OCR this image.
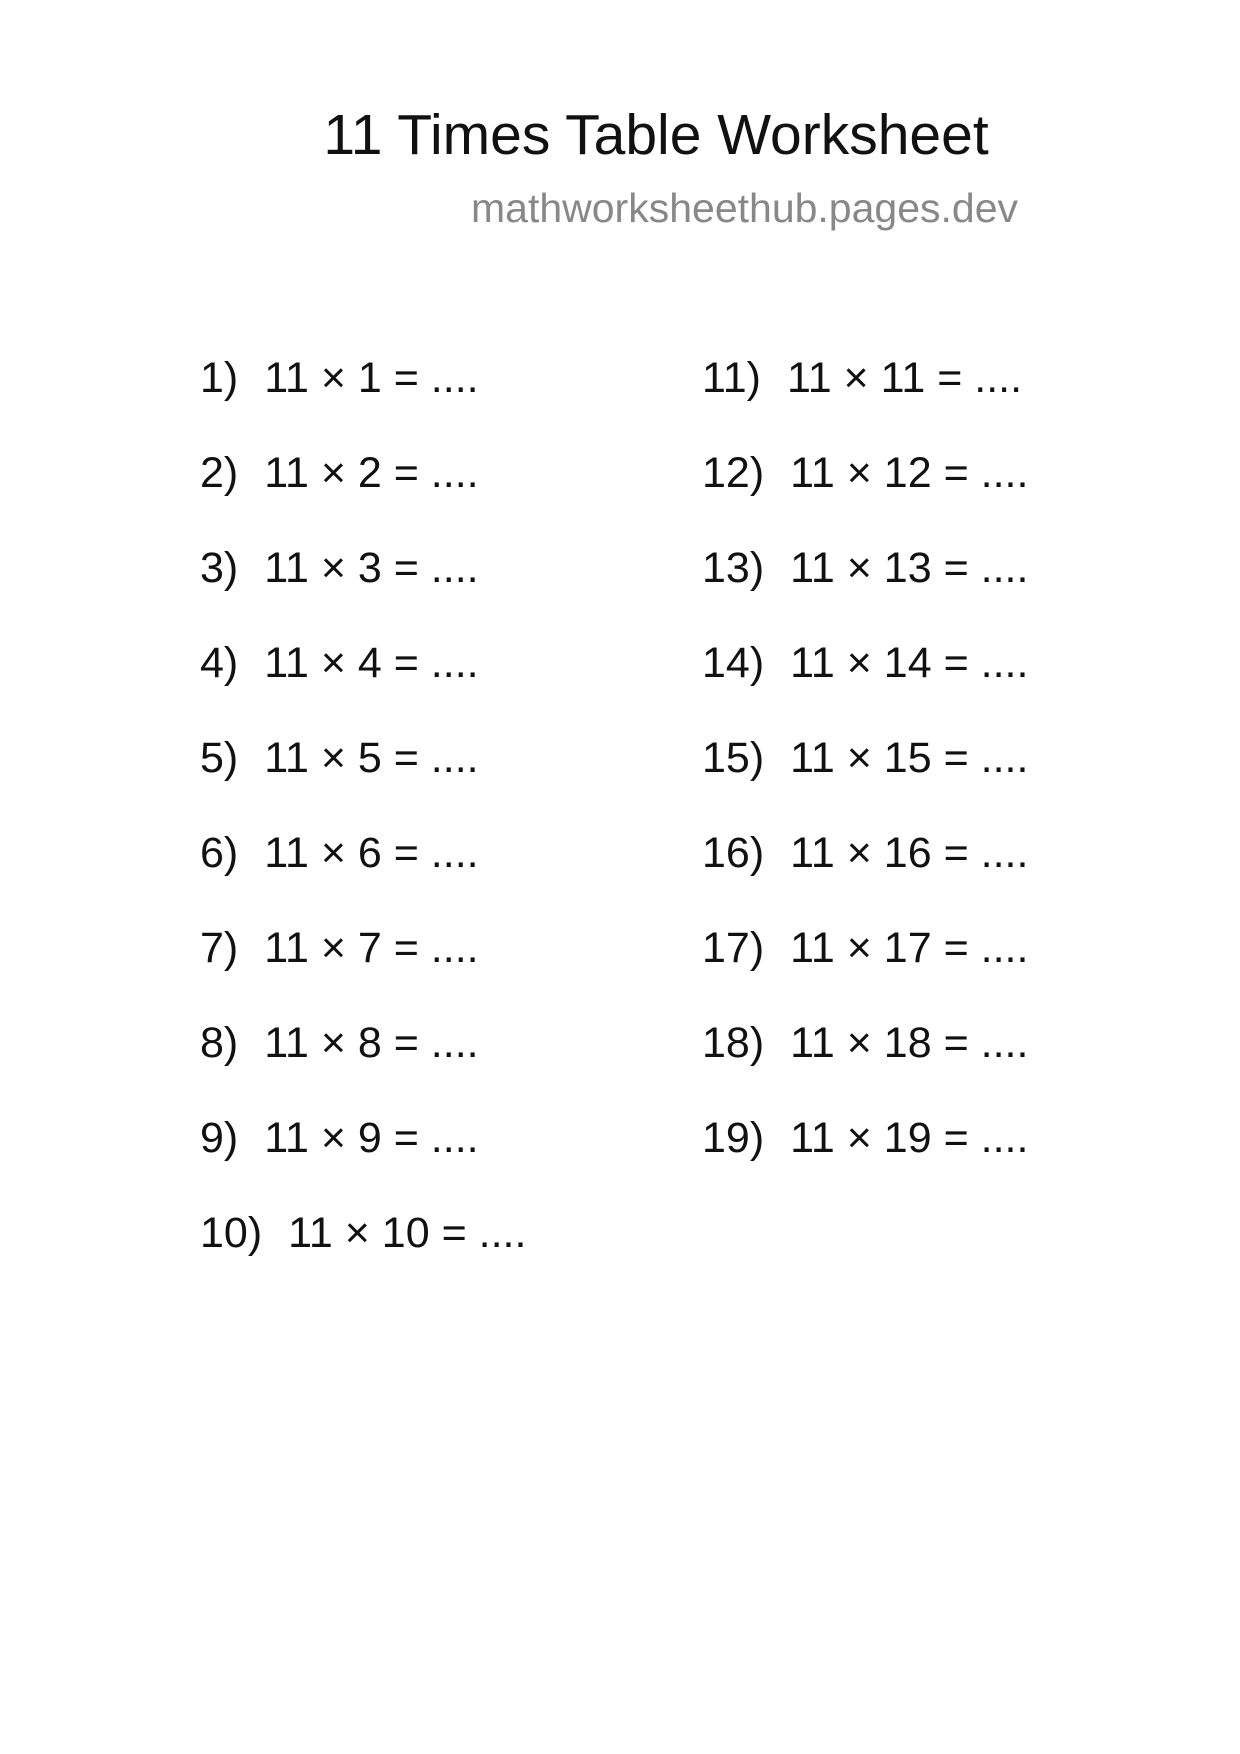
11 Times Table Worksheet
mathworksheethub.pages.dev
1) 11 × 1 = ....
2) 11 × 2 = ....
3) 11 × 3 = ....
4) 11 × 4 = ....
5) 11 × 5 = ....
6) 11 × 6 = ....
7) 11 × 7 = ....
8) 11 × 8 = ....
9) 11 × 9 = ....
10) 11 × 10 = ....
11) 11 × 11 = ....
12) 11 × 12 = ....
13) 11 × 13 = ....
14) 11 × 14 = ....
15) 11 × 15 = ....
16) 11 × 16 = ....
17) 11 × 17 = ....
18) 11 × 18 = ....
19) 11 × 19 = ....
